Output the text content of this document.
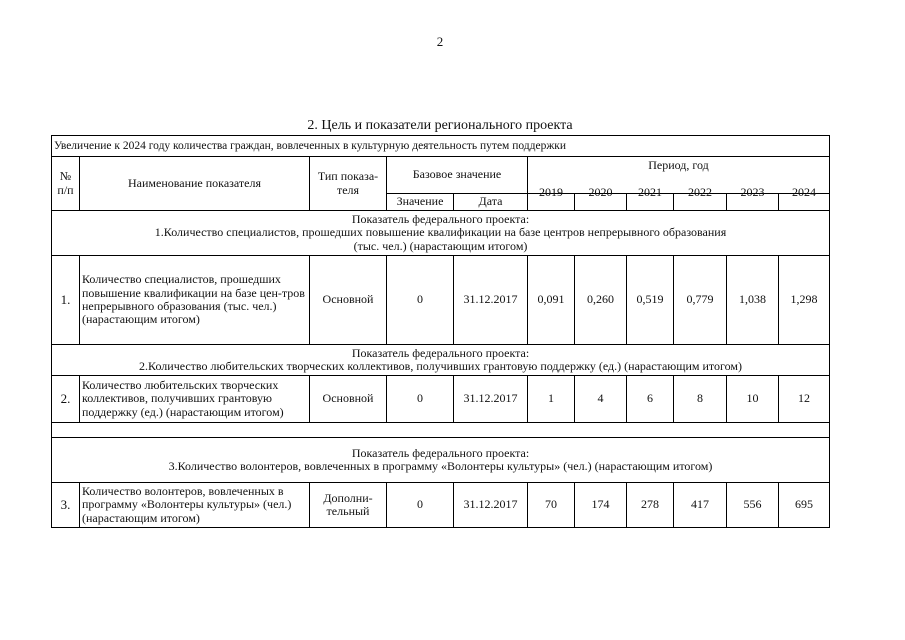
2
2. Цель и показатели регионального проекта
Увеличение к 2024 году количества граждан, вовлеченных в культурную деятельность путем поддержки										
№ п/п	Наименование показателя	Тип показа-теля	Базовое значение		Период, год					
			Значение	Дата	2019	2020	2021	2022	2023	2024

Показатель федерального проекта:
1.Количество специалистов, прошедших повышение квалификации на базе центров непрерывного образования
(тыс. чел.) (нарастающим итогом)										

1.	Количество специалистов, прошедших повышение квалификации на базе цен-тров непрерывного образования (тыс. чел.) (нарастающим итогом)	Основной	0	31.12.2017	0,091	0,260	0,519	0,779	1,038	1,298

Показатель федерального проекта:
2.Количество любительских творческих коллективов, получивших грантовую поддержку (ед.) (нарастающим итогом)										

2.	Количество любительских творческих коллективов, получивших грантовую поддержку (ед.) (нарастающим итогом)	Основной	0	31.12.2017	1	4	6	8	10	12

Показатель федерального проекта:
3.Количество волонтеров, вовлеченных в программу «Волонтеры культуры» (чел.) (нарастающим итогом)										

3.	Количество волонтеров, вовлеченных в программу «Волонтеры культуры» (чел.) (нарастающим итогом)	Дополни-тельный	0	31.12.2017	70	174	278	417	556	695
